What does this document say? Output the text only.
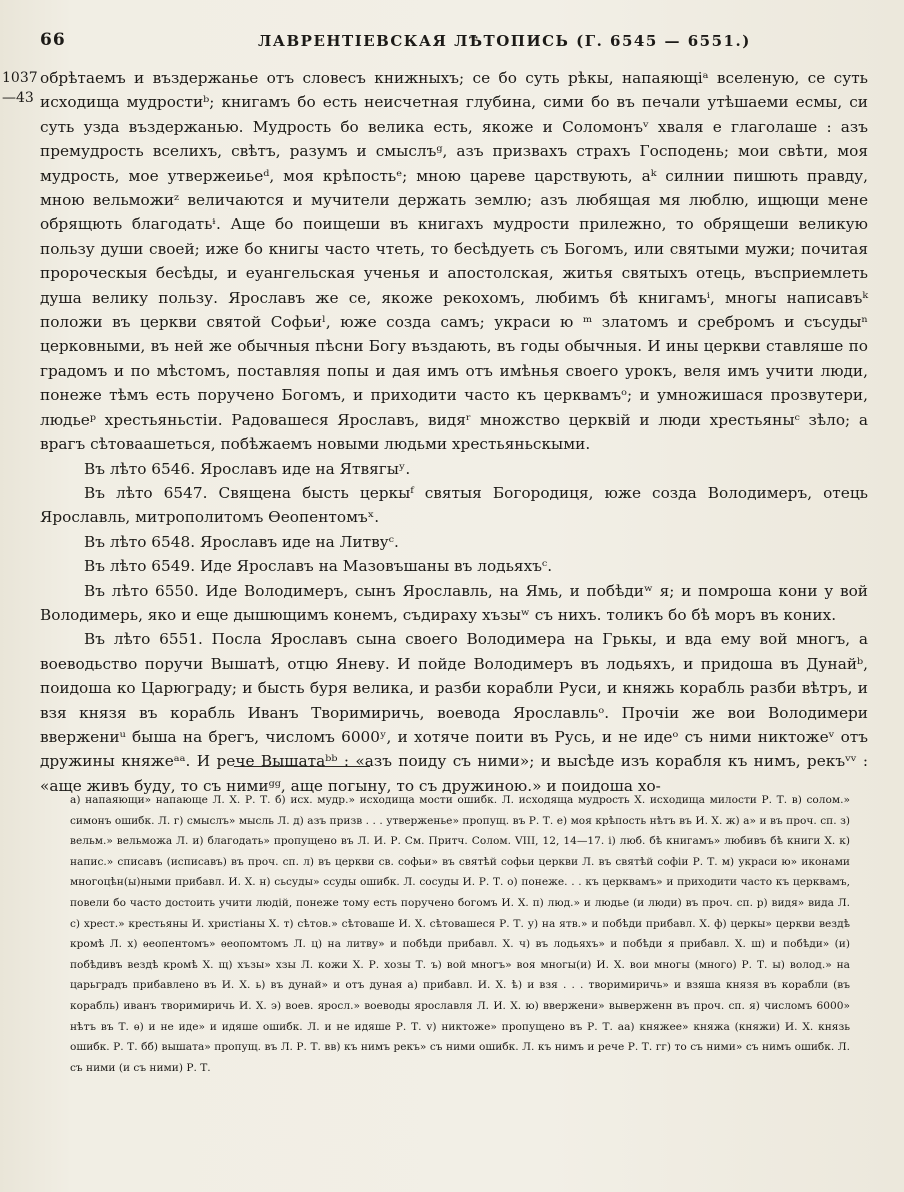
66	ЛАВРЕНТІЕВСКАЯ ЛѢТОПИСЬ (Г. 6545 — 6551.)
1037
—43

обрѣтаемъ и въздержанье отъ словесъ книжныхъ; се бо суть рѣкы, напаяющіᵃ вселеную, се суть исходища мудростиᵇ; книгамъ бо есть неисчетная глубина, сими бо въ печали утѣшаеми есмы, си суть узда въздержанью. Мудрость бо велика есть, якоже и Соломонъᵛ хваля е глаголаше : азъ премудрость вселихъ, свѣтъ, разумъ и смыслъᵍ, азъ призвахъ страхъ Господень; мои свѣти, моя мудрость, мое утвержеиьеᵈ, моя крѣпостьᵉ; мною цареве царствують, аᵏ силнии пишють правду, мною вельможиᶻ величаются и мучители держать землю; азъ любящая мя люблю, ищющи мене обрящють благодатьᶤ. Аще бо поищеши въ книгахъ мудрости прилежно, то обрящеши великую пользу души своей; иже бо книгы часто чтеть, то бесѣдуеть съ Богомъ, или святыми мужи; почитая пророческыя бесѣды, и еуангельская ученья и апостолская, житья святыхъ отець, въсприемлеть душа велику пользу. Ярославъ же се, якоже рекохомъ, любимъ бѣ книгамъⁱ, многы написавъᵏ положи въ церкви святой Софьиˡ, юже созда самъ; украси ю ᵐ златомъ и сребромъ и съсудыⁿ церковными, въ ней же обычныя пѣсни Богу въздають, въ годы обычныя. И ины церкви ставляше по градомъ и по мѣстомъ, поставляя попы и дая имъ отъ имѣнья своего урокъ, веля имъ учити люди, понеже тѣмъ есть поручено Богомъ, и приходити часто къ церквамъᵒ; и умножишася прозвутери, людьеᵖ хрестьяньстіи. Радовашеся Ярославъ, видяʳ множство церквій и люди хрестьяныᶜ зѣло; а врагъ сѣтоваашеться, побѣжаемъ новыми людьми хрестьяньскыми.

Въ лѣто 6546. Ярославъ иде на Ятвягыʸ.

Въ лѣто 6547. Священа бысть церкыᶠ святыя Богородиця, юже созда Володимеръ, отець Ярославль, митрополитомъ Ѳеопентомъˣ.

Въ лѣто 6548. Ярославъ иде на Литвуᶜ.

Въ лѣто 6549. Иде Ярославъ на Мазовъшаны въ лодьяхъᶜ.

Въ лѣто 6550. Иде Володимеръ, сынъ Ярославль, на Ямь, и побѣдиʷ я; и помроша кони у вой Володимерь, яко и еще дышющимъ конемъ, съдираху хъзыʷ съ нихъ. толикъ бо бѣ моръ въ коних.

Въ лѣто 6551. Посла Ярославъ сына своего Володимера на Грькы, и вда ему вой многъ, а воеводьство поручи Вышатѣ, отцю Яневу. И пойде Володимеръ въ лодьяхъ, и придоша въ Дунайᵇ, поидоша ко Царюграду; и бысть буря велика, и разби корабли Руси, и княжь корабль разби вѣтръ, и взя князя въ корабль Иванъ Творимиричь, воевода Ярославльᵒ. Прочіи же вои Володимери ввержениᵘ быша на брегъ, числомъ 6000ʸ, и хотяче поити въ Русь, и не идеᵒ съ ними никтожеᵛ отъ дружины княжеᵃᵃ. И рече Вышатаᵇᵇ : «азъ поиду съ ними»; и высѣде изъ корабля къ нимъ, рекъᵛᵛ : «аще живъ буду, то съ нимиᵍᵍ, аще погыну, то съ дружиною.» и поидоша хо-

а) напаяющи» напающе Л. Х. Р. Т. б) исх. мудр.» исходища мости ошибк. Л. исходяща мудрость Х. исходища милости Р. Т. в) солом.» симонъ ошибк. Л. г) смыслъ» мысль Л. д) азъ призв . . . утверженье» пропущ. въ Р. Т. е) моя крѣпость нѣтъ въ И. Х. ж) а» и въ проч. сп. з) вельм.» вельможа Л. и) благодать» пропущено въ Л. И. Р. См. Притч. Солом. VIII, 12, 14—17. і) люб. бѣ книгамъ» любивъ бѣ книги Х. к) напис.» списавъ (исписавъ) въ проч. сп. л) въ церкви св. софьи» въ святѣй софьи церкви Л. въ святѣй софіи Р. Т. м) украси ю» иконами многоцѣн(ы)ными прибавл. И. Х. н) сьсуды» ссуды ошибк. Л. сосуды И. Р. Т. о) понеже. . . къ церквамъ» и приходити часто къ церквамъ, повели бо часто достоить учити людій, понеже тому есть поручено богомъ И. Х. п) люд.» и людье (и люди) въ проч. сп. р) видя» вида Л. с) хрест.» крестьяны И. христіаны Х. т) сѣтов.» сѣтоваше И. Х. сѣтовашеся Р. Т. у) на ятв.» и побѣди прибавл. Х. ф) церкы» церкви вездѣ кромѣ Л. х) ѳеопентомъ» ѳеопомтомъ Л. ц) на литву» и побѣди прибавл. Х. ч) въ лодьяхъ» и побѣди я прибавл. Х. ш) и побѣди» (и) побѣдивъ вездѣ кромѣ Х. щ) хъзы» хзы Л. кожи Х. Р. хозы Т. ъ) вой многъ» воя многы(и) И. Х. вои многы (много) Р. Т. ы) волод.» на царьградъ прибавлено въ И. Х. ь) въ дунай» и отъ дуная а) прибавл. И. Х. ѣ) и взя . . . творимиричь» и взяша князя въ корабли (въ корабль) иванъ творимиричь И. Х. э) воев. яросл.» воеводы ярославля Л. И. Х. ю) ввержени» выверженн въ проч. сп. я) числомъ 6000» нѣтъ въ Т. ѳ) и не иде» и идяше ошибк. Л. и не идяше Р. Т. v) никтоже» пропущено въ Р. Т. аа) княжее» княжа (княжи) И. Х. князь ошибк. Р. Т. бб) вышата» пропущ. въ Л. Р. Т. вв) къ нимъ рекъ» съ ними ошибк. Л. къ нимъ и рече Р. Т. гг) то съ ними» съ нимъ ошибк. Л. съ ними (и съ ними) Р. Т.
